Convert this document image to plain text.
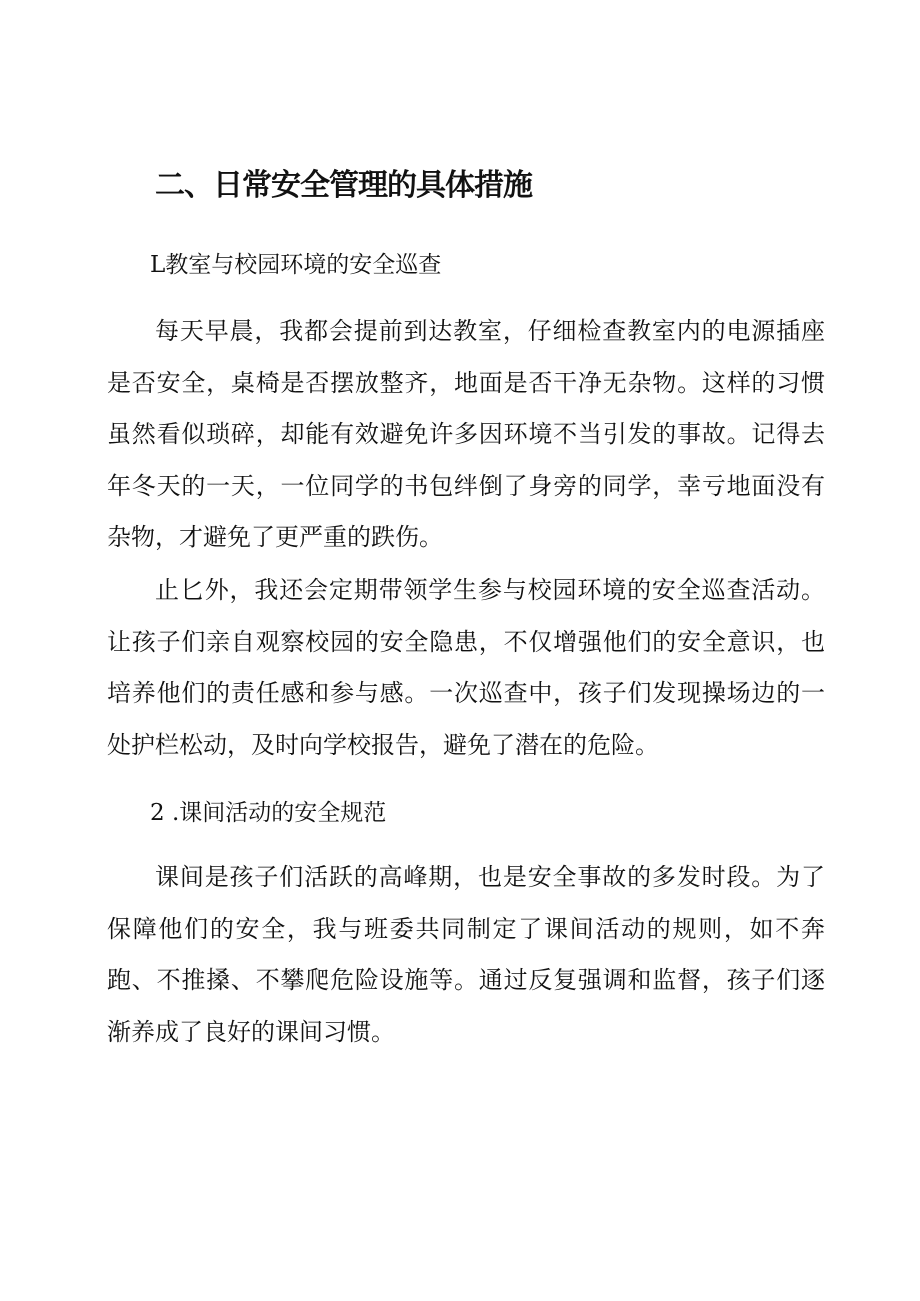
二、日常安全管理的具体措施
L教室与校园环境的安全巡查

每天早晨，我都会提前到达教室，仔细检查教室内的电源插座是否安全，桌椅是否摆放整齐，地面是否干净无杂物。这样的习惯虽然看似琐碎，却能有效避免许多因环境不当引发的事故。记得去年冬天的一天，一位同学的书包绊倒了身旁的同学，幸亏地面没有杂物，才避免了更严重的跌伤。

止匕外，我还会定期带领学生参与校园环境的安全巡查活动。让孩子们亲自观察校园的安全隐患，不仅增强他们的安全意识，也培养他们的责任感和参与感。一次巡查中，孩子们发现操场边的一处护栏松动，及时向学校报告，避免了潜在的危险。

2 .课间活动的安全规范

课间是孩子们活跃的高峰期，也是安全事故的多发时段。为了保障他们的安全，我与班委共同制定了课间活动的规则，如不奔跑、不推搡、不攀爬危险设施等。通过反复强调和监督，孩子们逐渐养成了良好的课间习惯。
